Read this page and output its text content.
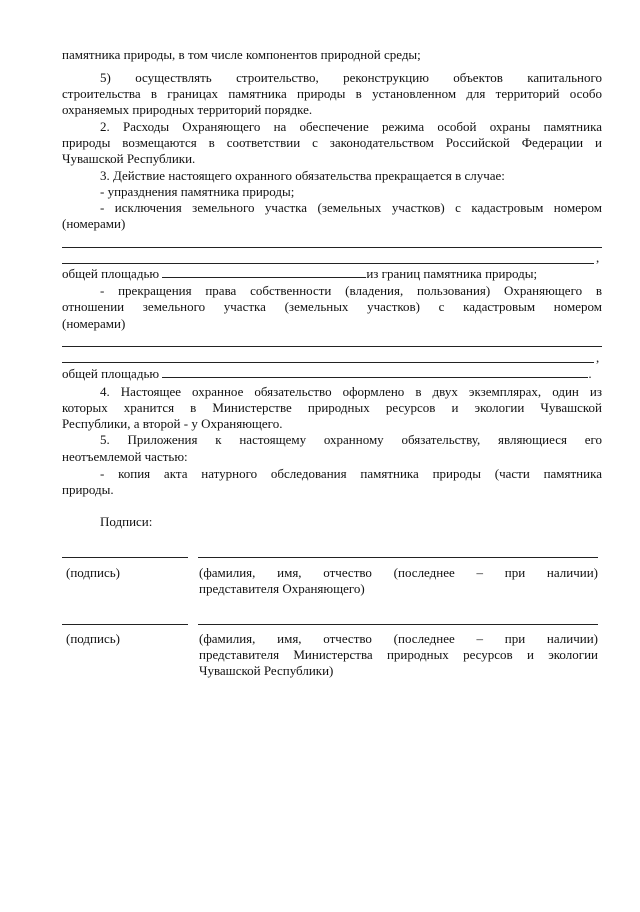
памятника природы, в том числе компонентов природной среды;
5) осуществлять строительство, реконструкцию объектов капитального
строительства в границах памятника природы в установленном для территорий особо
охраняемых природных территорий порядке.
2. Расходы Охраняющего на обеспечение режима особой охраны памятника
природы возмещаются в соответствии с законодательством Российской Федерации и
Чувашской Республики.
3. Действие настоящего охранного обязательства прекращается в случае:
- упразднения памятника природы;
- исключения земельного участка (земельных участков) с кадастровым номером
(номерами)
,
общей площадью	из границ памятника природы;
- прекращения права собственности (владения, пользования) Охраняющего в
отношении земельного участка (земельных участков) с кадастровым номером
(номерами)
,
общей площадью	.
4. Настоящее охранное обязательство оформлено в двух экземплярах, один из
которых хранится в Министерстве природных ресурсов и экологии Чувашской
Республики, а второй - у Охраняющего.
5. Приложения к настоящему охранному обязательству, являющиеся его
неотъемлемой частью:
- копия акта натурного обследования памятника природы (части памятника
природы.
Подписи:
(подпись)	(фамилия, имя, отчество (последнее – при наличии)
представителя Охраняющего)
(подпись)	(фамилия, имя, отчество (последнее – при наличии)
представителя Министерства природных ресурсов и экологии
Чувашской Республики)
